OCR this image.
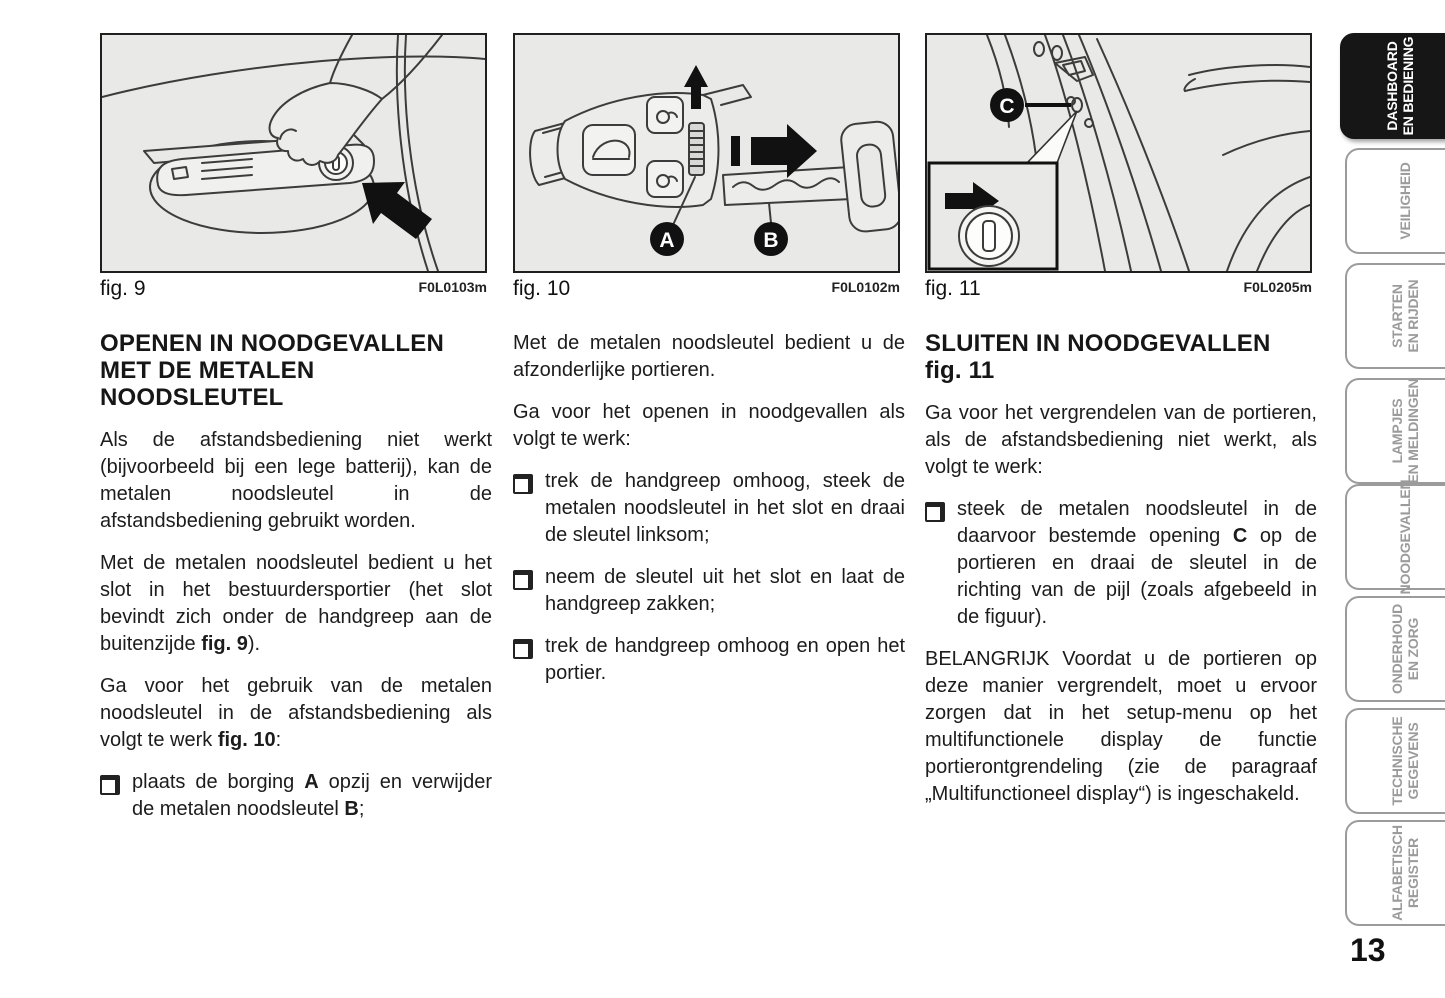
A	B
C
fig. 9	F0L0103m fig. 10	F0L0102m fig. 11	F0L0205m
OPENEN IN NOODGEVALLEN
MET DE METALEN
NOODSLEUTEL

Als de afstandsbediening niet werkt (bijvoorbeeld bij een lege batterij), kan de metalen noodsleutel in de afstandsbediening gebruikt worden.

Met de metalen noodsleutel bedient u het slot in het bestuurdersportier (het slot bevindt zich onder de handgreep aan de buitenzijde fig. 9).

Ga voor het gebruik van de metalen noodsleutel in de afstandsbediening als volgt te werk fig. 10:

plaats de borging A opzij en verwijder de metalen noodsleutel B;

Met de metalen noodsleutel bedient u de afzonderlijke portieren.

Ga voor het openen in noodgevallen als volgt te werk:

trek de handgreep omhoog, steek de metalen noodsleutel in het slot en draai de sleutel linksom;

neem de sleutel uit het slot en laat de handgreep zakken;

trek de handgreep omhoog en open het portier.

SLUITEN IN NOODGEVALLEN
fig. 11

Ga voor het vergrendelen van de portieren, als de afstandsbediening niet werkt, als volgt te werk:

steek de metalen noodsleutel in de daarvoor bestemde opening C op de portieren en draai de sleutel in de richting van de pijl (zoals afgebeeld in de figuur).

BELANGRIJK Voordat u de portieren op deze manier vergrendelt, moet u ervoor zorgen dat in het setup-menu op het multifunctionele display de functie portierontgrendeling (zie de paragraaf „Multifunctioneel display“) is ingeschakeld.

DASHBOARD EN BEDIENING
VEILIGHEID
STARTEN EN RIJDEN
LAMPJES EN MELDINGEN
NOODGEVALLEN
ONDERHOUD EN ZORG
TECHNISCHE GEGEVENS
ALFABETISCH REGISTER
13
